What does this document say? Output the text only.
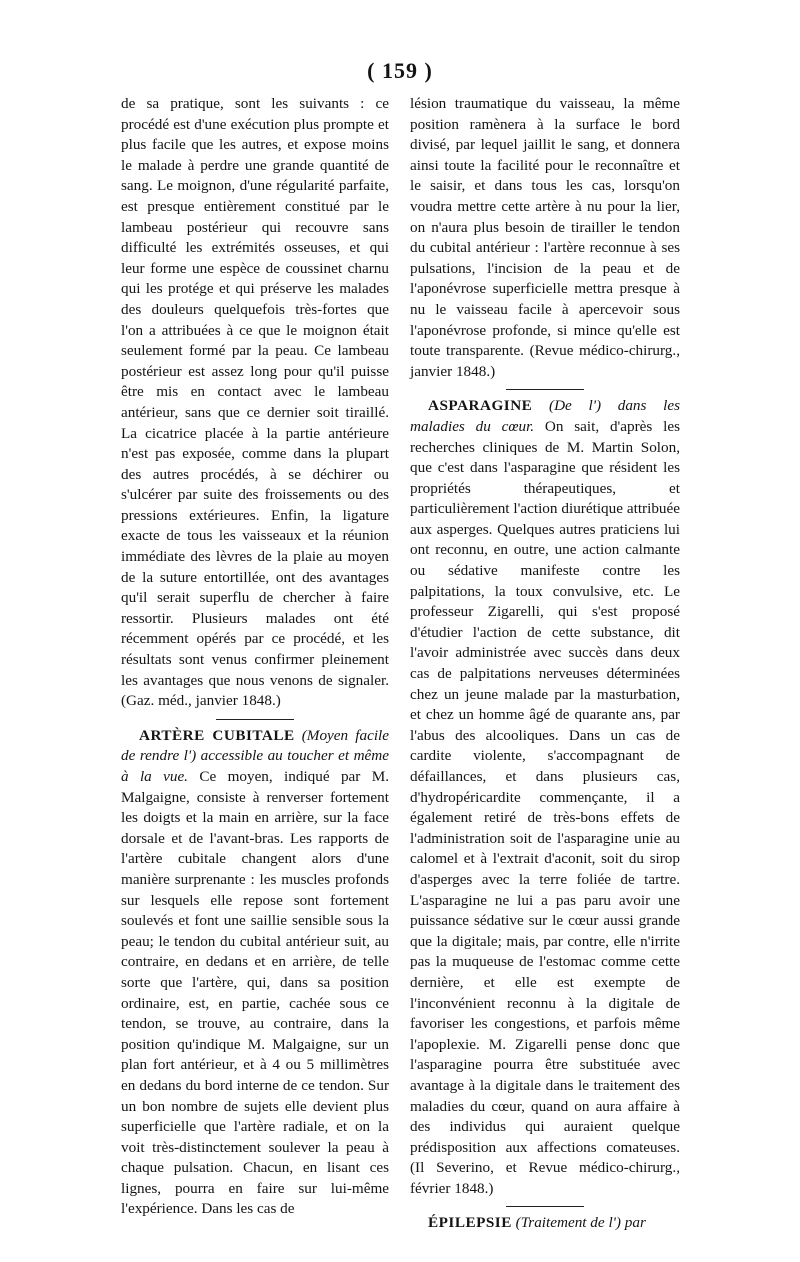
( 159 )

de sa pratique, sont les suivants : ce procédé est d'une exécution plus prompte et plus facile que les autres, et expose moins le malade à perdre une grande quantité de sang. Le moignon, d'une régularité parfaite, est presque entièrement constitué par le lambeau postérieur qui recouvre sans difficulté les extrémités osseuses, et qui leur forme une espèce de coussinet charnu qui les protége et qui préserve les malades des douleurs quelquefois très-fortes que l'on a attribuées à ce que le moignon était seulement formé par la peau. Ce lambeau postérieur est assez long pour qu'il puisse être mis en contact avec le lambeau antérieur, sans que ce dernier soit tiraillé. La cicatrice placée à la partie antérieure n'est pas exposée, comme dans la plupart des autres procédés, à se déchirer ou s'ulcérer par suite des froissements ou des pressions extérieures. Enfin, la ligature exacte de tous les vaisseaux et la réunion immédiate des lèvres de la plaie au moyen de la suture entortillée, ont des avantages qu'il serait superflu de chercher à faire ressortir. Plusieurs malades ont été récemment opérés par ce procédé, et les résultats sont venus confirmer pleinement les avantages que nous venons de signaler. (Gaz. méd., janvier 1848.)

ARTÈRE CUBITALE (Moyen facile de rendre l') accessible au toucher et même à la vue. Ce moyen, indiqué par M. Malgaigne, consiste à renverser fortement les doigts et la main en arrière, sur la face dorsale et de l'avant-bras. Les rapports de l'artère cubitale changent alors d'une manière surprenante : les muscles profonds sur lesquels elle repose sont fortement soulevés et font une saillie sensible sous la peau; le tendon du cubital antérieur suit, au contraire, en dedans et en arrière, de telle sorte que l'artère, qui, dans sa position ordinaire, est, en partie, cachée sous ce tendon, se trouve, au contraire, dans la position qu'indique M. Malgaigne, sur un plan fort antérieur, et à 4 ou 5 millimètres en dedans du bord interne de ce tendon. Sur un bon nombre de sujets elle devient plus superficielle que l'artère radiale, et on la voit très-distinctement soulever la peau à chaque pulsation. Chacun, en lisant ces lignes, pourra en faire sur lui-même l'expérience. Dans les cas de

lésion traumatique du vaisseau, la même position ramènera à la surface le bord divisé, par lequel jaillit le sang, et donnera ainsi toute la facilité pour le reconnaître et le saisir, et dans tous les cas, lorsqu'on voudra mettre cette artère à nu pour la lier, on n'aura plus besoin de tirailler le tendon du cubital antérieur : l'artère reconnue à ses pulsations, l'incision de la peau et de l'aponévrose superficielle mettra presque à nu le vaisseau facile à apercevoir sous l'aponévrose profonde, si mince qu'elle est toute transparente. (Revue médico-chirurg., janvier 1848.)

ASPARAGINE (De l') dans les maladies du cœur. On sait, d'après les recherches cliniques de M. Martin Solon, que c'est dans l'asparagine que résident les propriétés thérapeutiques, et particulièrement l'action diurétique attribuée aux asperges. Quelques autres praticiens lui ont reconnu, en outre, une action calmante ou sédative manifeste contre les palpitations, la toux convulsive, etc. Le professeur Zigarelli, qui s'est proposé d'étudier l'action de cette substance, dit l'avoir administrée avec succès dans deux cas de palpitations nerveuses déterminées chez un jeune malade par la masturbation, et chez un homme âgé de quarante ans, par l'abus des alcooliques. Dans un cas de cardite violente, s'accompagnant de défaillances, et dans plusieurs cas, d'hydropéricardite commençante, il a également retiré de très-bons effets de l'administration soit de l'asparagine unie au calomel et à l'extrait d'aconit, soit du sirop d'asperges avec la terre foliée de tartre. L'asparagine ne lui a pas paru avoir une puissance sédative sur le cœur aussi grande que la digitale; mais, par contre, elle n'irrite pas la muqueuse de l'estomac comme cette dernière, et elle est exempte de l'inconvénient reconnu à la digitale de favoriser les congestions, et parfois même l'apoplexie. M. Zigarelli pense donc que l'asparagine pourra être substituée avec avantage à la digitale dans le traitement des maladies du cœur, quand on aura affaire à des individus qui auraient quelque prédisposition aux affections comateuses. (Il Severino, et Revue médico-chirurg., février 1848.)

ÉPILEPSIE (Traitement de l') par
